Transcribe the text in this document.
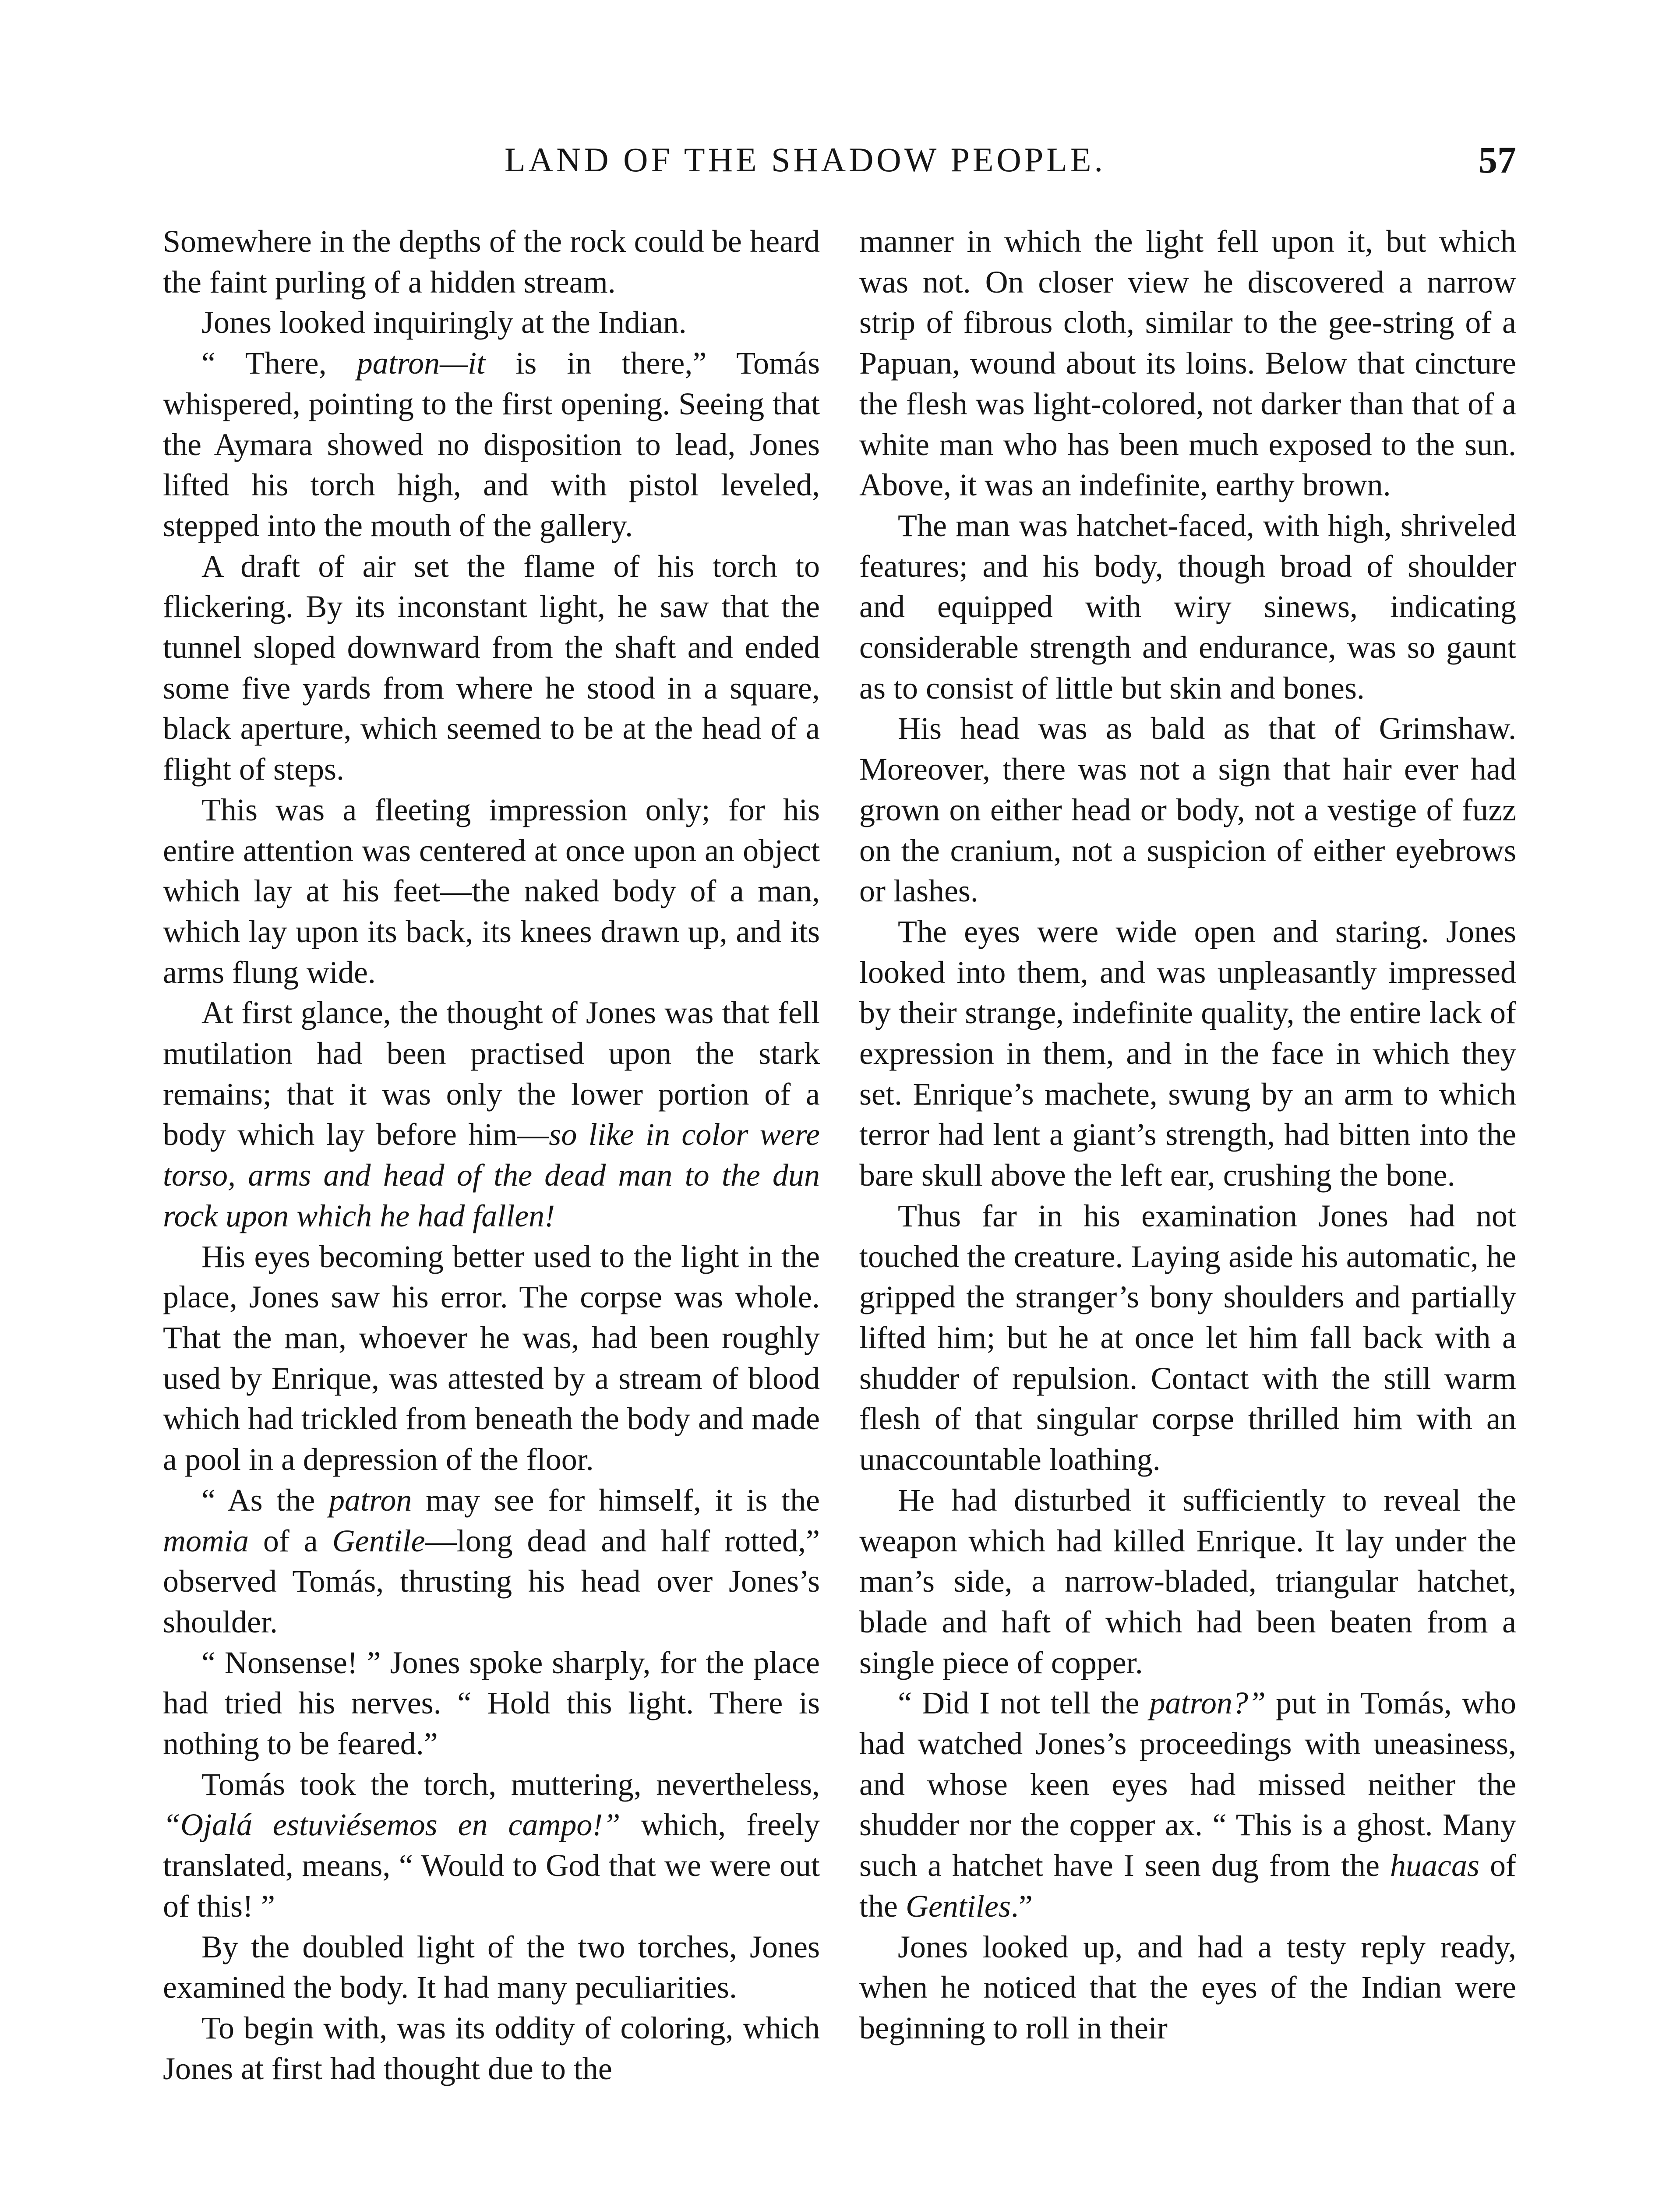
LAND OF THE SHADOW PEOPLE.	57

Somewhere in the depths of the rock could be heard the faint purling of a hidden stream.

Jones looked inquiringly at the Indian.

“ There, patron—it is in there,” Tomás whispered, pointing to the first opening. Seeing that the Aymara showed no disposition to lead, Jones lifted his torch high, and with pistol leveled, stepped into the mouth of the gallery.

A draft of air set the flame of his torch to flickering. By its inconstant light, he saw that the tunnel sloped downward from the shaft and ended some five yards from where he stood in a square, black aperture, which seemed to be at the head of a flight of steps.

This was a fleeting impression only; for his entire attention was centered at once upon an object which lay at his feet—the naked body of a man, which lay upon its back, its knees drawn up, and its arms flung wide.

At first glance, the thought of Jones was that fell mutilation had been practised upon the stark remains; that it was only the lower portion of a body which lay before him—so like in color were torso, arms and head of the dead man to the dun rock upon which he had fallen!

His eyes becoming better used to the light in the place, Jones saw his error. The corpse was whole. That the man, whoever he was, had been roughly used by Enrique, was attested by a stream of blood which had trickled from beneath the body and made a pool in a depression of the floor.

“ As the patron may see for himself, it is the momia of a Gentile—long dead and half rotted,” observed Tomás, thrusting his head over Jones’s shoulder.

“ Nonsense! ” Jones spoke sharply, for the place had tried his nerves. “ Hold this light. There is nothing to be feared.”

Tomás took the torch, muttering, nevertheless, “Ojalá estuviésemos en campo!” which, freely translated, means, “ Would to God that we were out of this! ”

By the doubled light of the two torches, Jones examined the body. It had many peculiarities.

To begin with, was its oddity of coloring, which Jones at first had thought due to the

manner in which the light fell upon it, but which was not. On closer view he discovered a narrow strip of fibrous cloth, similar to the gee-string of a Papuan, wound about its loins. Below that cincture the flesh was light-colored, not darker than that of a white man who has been much exposed to the sun. Above, it was an indefinite, earthy brown.

The man was hatchet-faced, with high, shriveled features; and his body, though broad of shoulder and equipped with wiry sinews, indicating considerable strength and endurance, was so gaunt as to consist of little but skin and bones.

His head was as bald as that of Grimshaw. Moreover, there was not a sign that hair ever had grown on either head or body, not a vestige of fuzz on the cranium, not a suspicion of either eyebrows or lashes.

The eyes were wide open and staring. Jones looked into them, and was unpleasantly impressed by their strange, indefinite quality, the entire lack of expression in them, and in the face in which they set. Enrique’s machete, swung by an arm to which terror had lent a giant’s strength, had bitten into the bare skull above the left ear, crushing the bone.

Thus far in his examination Jones had not touched the creature. Laying aside his automatic, he gripped the stranger’s bony shoulders and partially lifted him; but he at once let him fall back with a shudder of repulsion. Contact with the still warm flesh of that singular corpse thrilled him with an unaccountable loathing.

He had disturbed it sufficiently to reveal the weapon which had killed Enrique. It lay under the man’s side, a narrow-bladed, triangular hatchet, blade and haft of which had been beaten from a single piece of copper.

“ Did I not tell the patron?” put in Tomás, who had watched Jones’s proceedings with uneasiness, and whose keen eyes had missed neither the shudder nor the copper ax. “ This is a ghost. Many such a hatchet have I seen dug from the huacas of the Gentiles.”

Jones looked up, and had a testy reply ready, when he noticed that the eyes of the Indian were beginning to roll in their
